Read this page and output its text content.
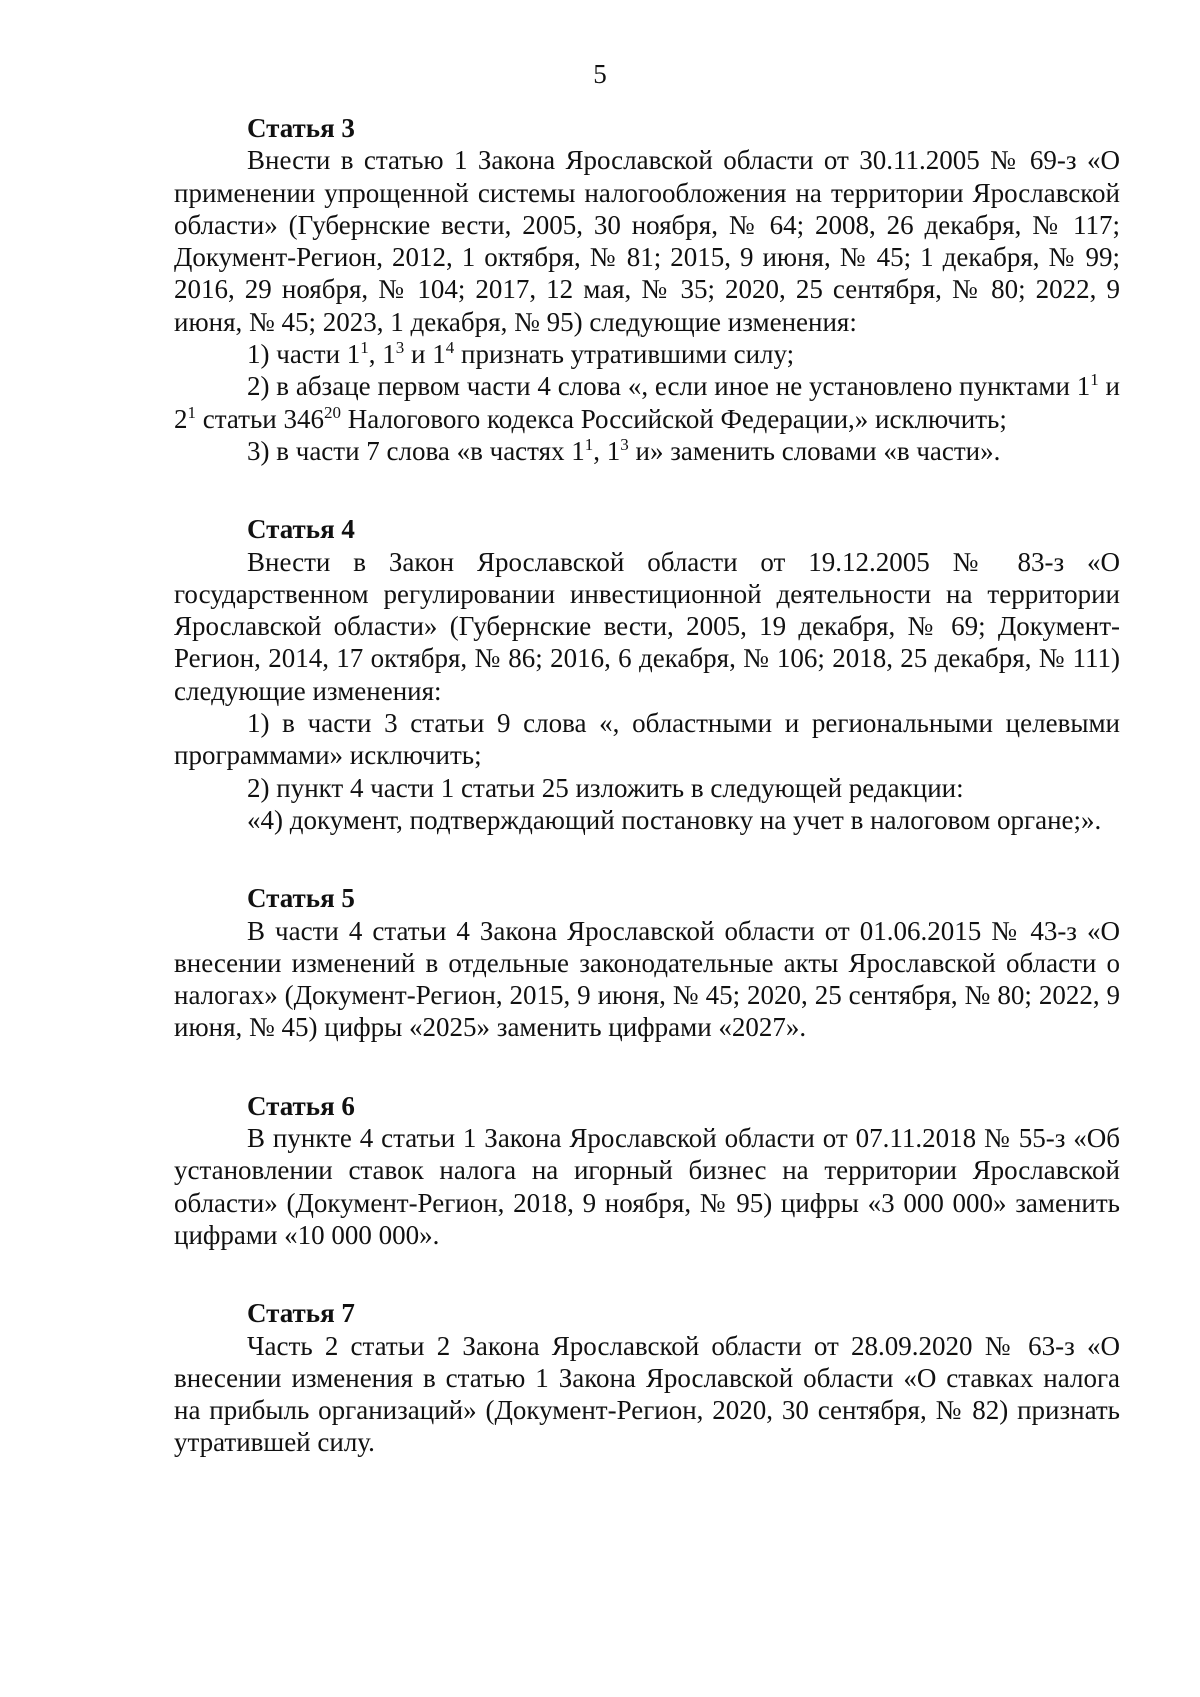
5

Статья 3

Внести в статью 1 Закона Ярославской области от 30.11.2005 № 69-з «О применении упрощенной системы налогообложения на территории Ярославской области» (Губернские вести, 2005, 30 ноября, № 64; 2008, 26 декабря, № 117; Документ-Регион, 2012, 1 октября, № 81; 2015, 9 июня, № 45; 1 декабря, № 99; 2016, 29 ноября, № 104; 2017, 12 мая, № 35; 2020, 25 сентября, № 80; 2022, 9 июня, № 45; 2023, 1 декабря, № 95) следующие изменения:

1) части $1^1$, $1^3$ и $1^4$ признать утратившими силу;

2) в абзаце первом части 4 слова «, если иное не установлено пунктами $1^1$ и $2^1$ статьи $346^{20}$ Налогового кодекса Российской Федерации,» исключить;

3) в части 7 слова «в частях $1^1$, $1^3$ и» заменить словами «в части».

Статья 4

Внести в Закон Ярославской области от 19.12.2005 № 83-з «О государственном регулировании инвестиционной деятельности на территории Ярославской области» (Губернские вести, 2005, 19 декабря, № 69; Документ-Регион, 2014, 17 октября, № 86; 2016, 6 декабря, № 106; 2018, 25 декабря, № 111) следующие изменения:

1) в части 3 статьи 9 слова «, областными и региональными целевыми программами» исключить;

2) пункт 4 части 1 статьи 25 изложить в следующей редакции:

«4) документ, подтверждающий постановку на учет в налоговом органе;».

Статья 5

В части 4 статьи 4 Закона Ярославской области от 01.06.2015 № 43-з «О внесении изменений в отдельные законодательные акты Ярославской области о налогах» (Документ-Регион, 2015, 9 июня, № 45; 2020, 25 сентября, № 80; 2022, 9 июня, № 45) цифры «2025» заменить цифрами «2027».

Статья 6

В пункте 4 статьи 1 Закона Ярославской области от 07.11.2018 № 55-з «Об установлении ставок налога на игорный бизнес на территории Ярославской области» (Документ-Регион, 2018, 9 ноября, № 95) цифры «3 000 000» заменить цифрами «10 000 000».

Статья 7

Часть 2 статьи 2 Закона Ярославской области от 28.09.2020 № 63-з «О внесении изменения в статью 1 Закона Ярославской области «О ставках налога на прибыль организаций» (Документ-Регион, 2020, 30 сентября, № 82) признать утратившей силу.
